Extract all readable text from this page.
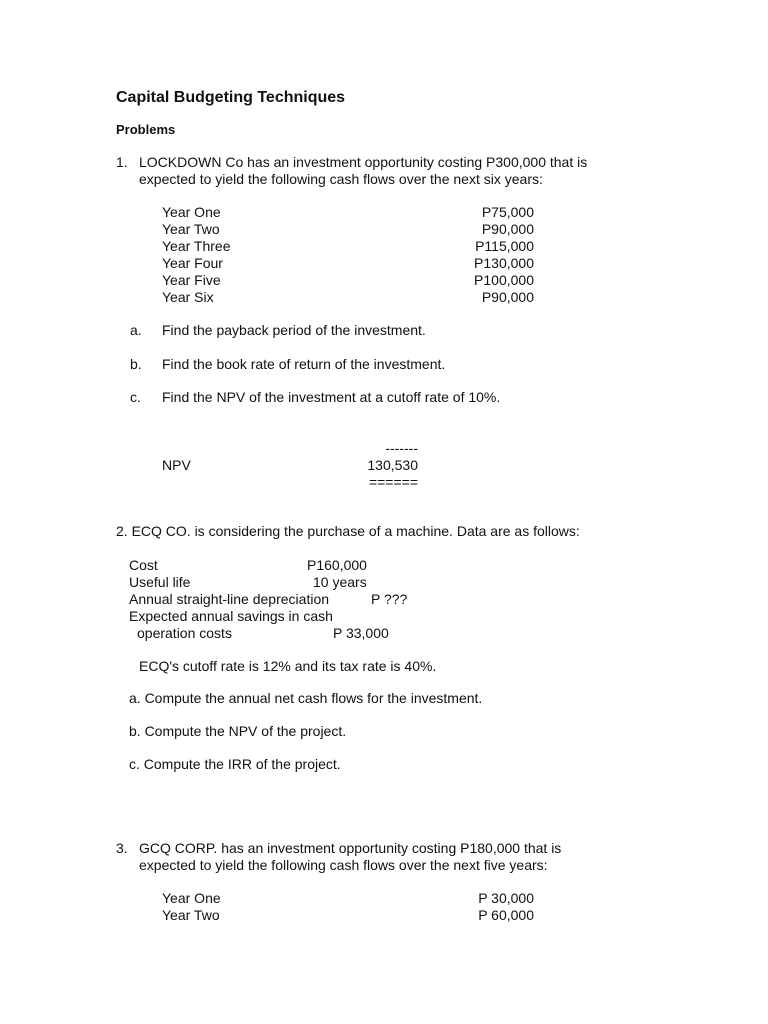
Capital Budgeting Techniques
Problems
1. LOCKDOWN Co has an investment opportunity costing P300,000 that is
expected to yield the following cash flows over the next six years:
Year One	P75,000
Year Two	P90,000
Year Three	P115,000
Year Four	P130,000
Year Five	P100,000
Year Six	P90,000
a. Find the payback period of the investment.
b. Find the book rate of return of the investment.
c. Find the NPV of the investment at a cutoff rate of 10%.
-------
NPV	130,530
======
2. ECQ CO. is considering the purchase of a machine. Data are as follows:
Cost	P160,000
Useful life	10 years
Annual straight-line depreciation	P ???
Expected annual savings in cash
operation costs	P 33,000
ECQ's cutoff rate is 12% and its tax rate is 40%.
a. Compute the annual net cash flows for the investment.
b. Compute the NPV of the project.
c. Compute the IRR of the project.
3. GCQ CORP. has an investment opportunity costing P180,000 that is
expected to yield the following cash flows over the next five years:
Year One	P 30,000
Year Two	P 60,000
